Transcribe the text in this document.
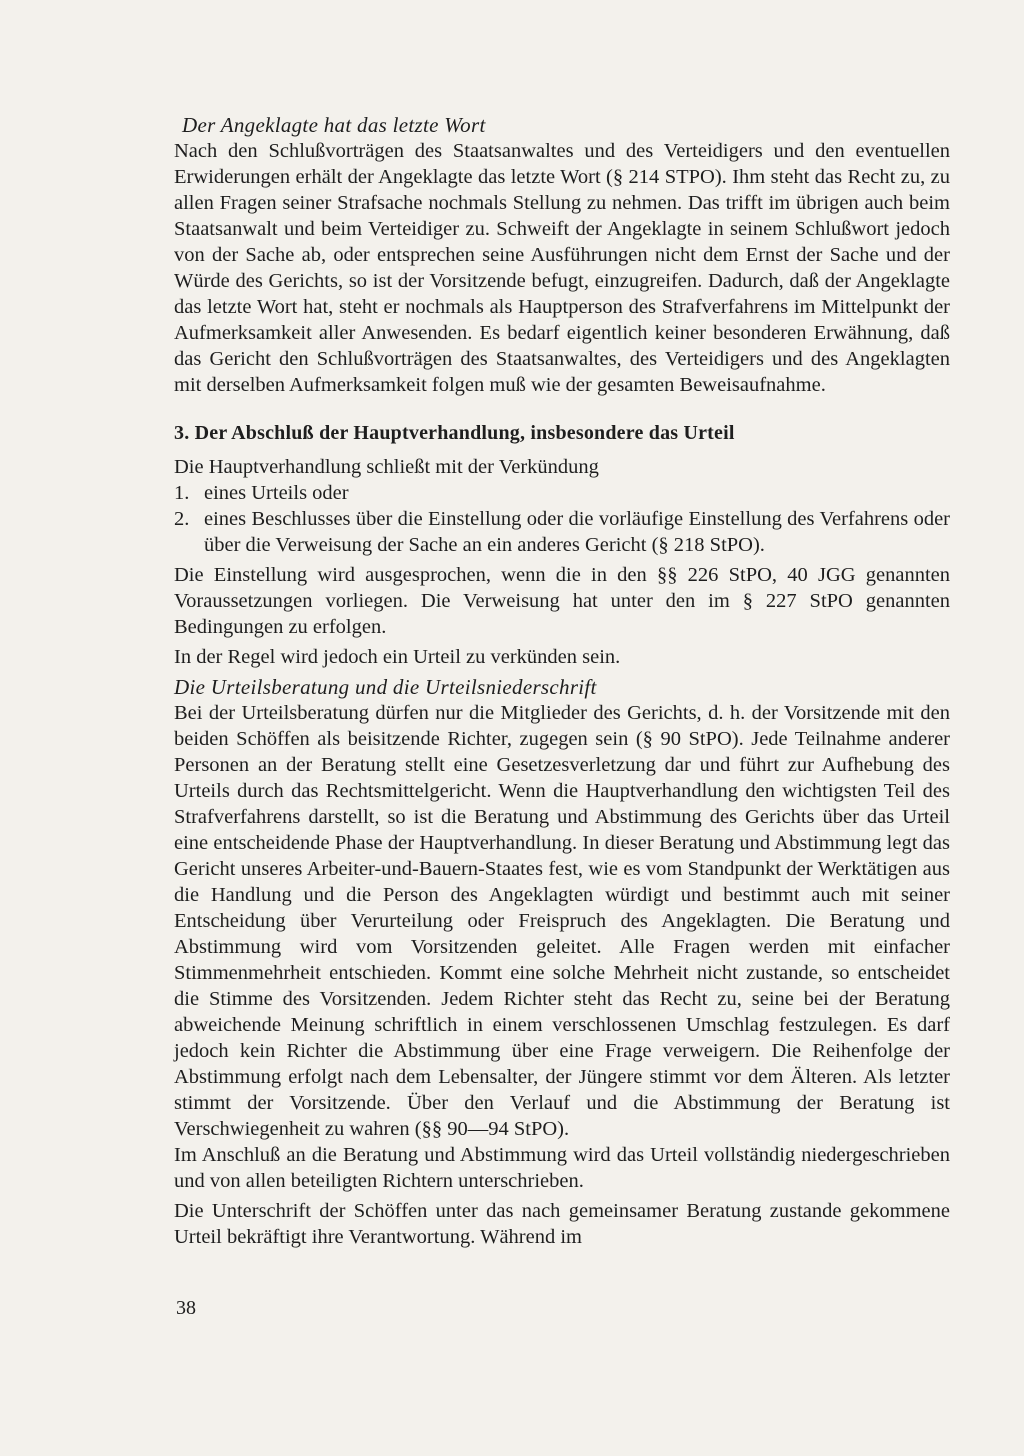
Der Angeklagte hat das letzte Wort

Nach den Schlußvorträgen des Staatsanwaltes und des Verteidigers und den eventuellen Erwiderungen erhält der Angeklagte das letzte Wort (§ 214 STPO). Ihm steht das Recht zu, zu allen Fragen seiner Strafsache nochmals Stellung zu nehmen. Das trifft im übrigen auch beim Staatsanwalt und beim Verteidiger zu. Schweift der Angeklagte in seinem Schlußwort jedoch von der Sache ab, oder entsprechen seine Ausführungen nicht dem Ernst der Sache und der Würde des Gerichts, so ist der Vorsitzende befugt, einzugreifen. Dadurch, daß der Angeklagte das letzte Wort hat, steht er nochmals als Hauptperson des Strafverfahrens im Mittelpunkt der Aufmerksamkeit aller Anwesenden. Es bedarf eigentlich keiner besonderen Erwähnung, daß das Gericht den Schlußvorträgen des Staatsanwaltes, des Verteidigers und des Angeklagten mit derselben Aufmerksamkeit folgen muß wie der gesamten Beweisaufnahme.

3. Der Abschluß der Hauptverhandlung, insbesondere das Urteil

Die Hauptverhandlung schließt mit der Verkündung

1. eines Urteils oder
2. eines Beschlusses über die Einstellung oder die vorläufige Einstellung des Verfahrens oder über die Verweisung der Sache an ein anderes Gericht (§ 218 StPO).

Die Einstellung wird ausgesprochen, wenn die in den §§ 226 StPO, 40 JGG genannten Voraussetzungen vorliegen. Die Verweisung hat unter den im § 227 StPO genannten Bedingungen zu erfolgen.

In der Regel wird jedoch ein Urteil zu verkünden sein.

Die Urteilsberatung und die Urteilsniederschrift

Bei der Urteilsberatung dürfen nur die Mitglieder des Gerichts, d. h. der Vorsitzende mit den beiden Schöffen als beisitzende Richter, zugegen sein (§ 90 StPO). Jede Teilnahme anderer Personen an der Beratung stellt eine Gesetzesverletzung dar und führt zur Aufhebung des Urteils durch das Rechtsmittelgericht. Wenn die Hauptverhandlung den wichtigsten Teil des Strafverfahrens darstellt, so ist die Beratung und Abstimmung des Gerichts über das Urteil eine entscheidende Phase der Hauptverhandlung. In dieser Beratung und Abstimmung legt das Gericht unseres Arbeiter-und-Bauern-Staates fest, wie es vom Standpunkt der Werktätigen aus die Handlung und die Person des Angeklagten würdigt und bestimmt auch mit seiner Entscheidung über Verurteilung oder Freispruch des Angeklagten. Die Beratung und Abstimmung wird vom Vorsitzenden geleitet. Alle Fragen werden mit einfacher Stimmenmehrheit entschieden. Kommt eine solche Mehrheit nicht zustande, so entscheidet die Stimme des Vorsitzenden. Jedem Richter steht das Recht zu, seine bei der Beratung abweichende Meinung schriftlich in einem verschlossenen Umschlag festzulegen. Es darf jedoch kein Richter die Abstimmung über eine Frage verweigern. Die Reihenfolge der Abstimmung erfolgt nach dem Lebensalter, der Jüngere stimmt vor dem Älteren. Als letzter stimmt der Vorsitzende. Über den Verlauf und die Abstimmung der Beratung ist Verschwiegenheit zu wahren (§§ 90—94 StPO).

Im Anschluß an die Beratung und Abstimmung wird das Urteil vollständig niedergeschrieben und von allen beteiligten Richtern unterschrieben.

Die Unterschrift der Schöffen unter das nach gemeinsamer Beratung zustande gekommene Urteil bekräftigt ihre Verantwortung. Während im

38
